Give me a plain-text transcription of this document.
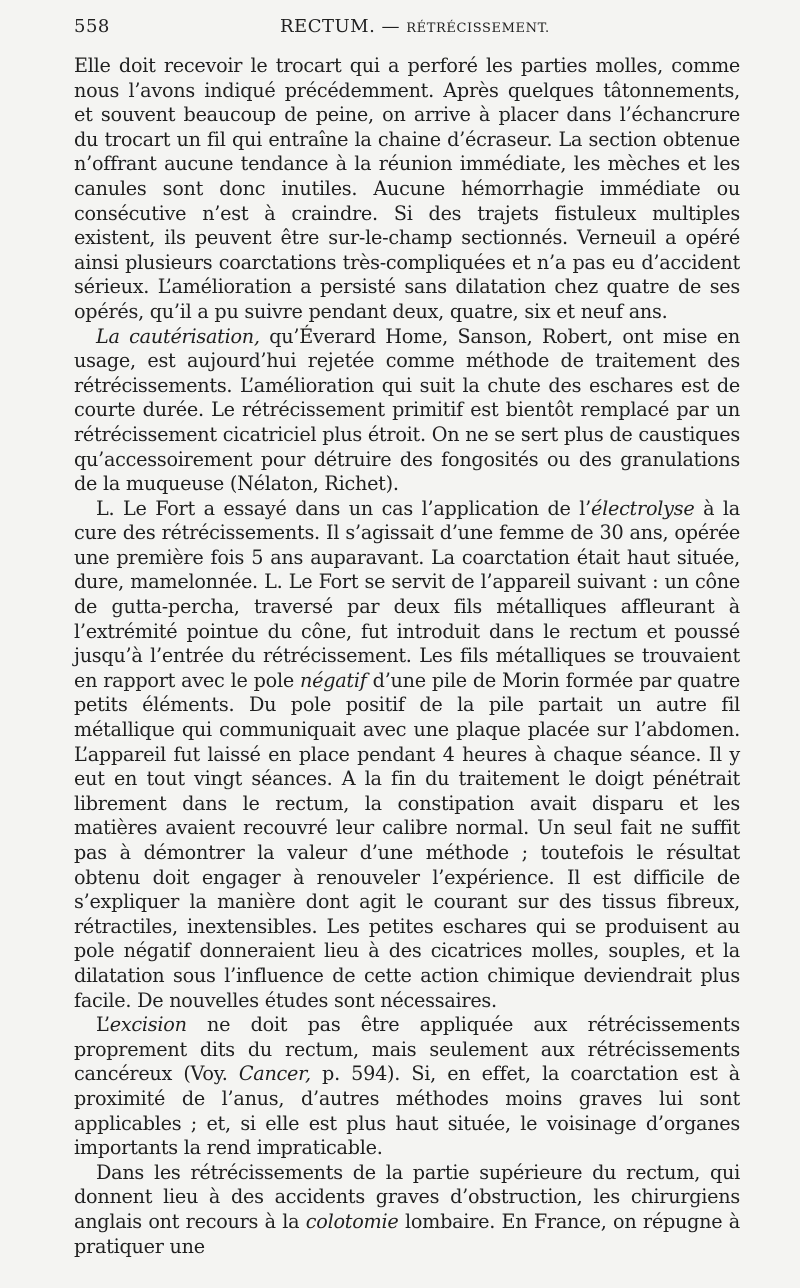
558	RECTUM. — RÉTRÉCISSEMENT.

Elle doit recevoir le trocart qui a perforé les parties molles, comme nous l’avons indiqué précédemment. Après quelques tâtonnements, et souvent beaucoup de peine, on arrive à placer dans l’échancrure du trocart un fil qui entraîne la chaine d’écraseur. La section obtenue n’offrant aucune tendance à la réunion immédiate, les mèches et les canules sont donc inutiles. Aucune hémorrhagie immédiate ou consécutive n’est à craindre. Si des trajets fistuleux multiples existent, ils peuvent être sur-le-champ sectionnés. Verneuil a opéré ainsi plusieurs coarctations très-compliquées et n’a pas eu d’accident sérieux. L’amélioration a persisté sans dilatation chez quatre de ses opérés, qu’il a pu suivre pendant deux, quatre, six et neuf ans.

La cautérisation, qu’Éverard Home, Sanson, Robert, ont mise en usage, est aujourd’hui rejetée comme méthode de traitement des rétrécissements. L’amélioration qui suit la chute des eschares est de courte durée. Le rétrécissement primitif est bientôt remplacé par un rétrécissement cicatriciel plus étroit. On ne se sert plus de caustiques qu’accessoirement pour détruire des fongosités ou des granulations de la muqueuse (Nélaton, Richet).

L. Le Fort a essayé dans un cas l’application de l’électrolyse à la cure des rétrécissements. Il s’agissait d’une femme de 30 ans, opérée une première fois 5 ans auparavant. La coarctation était haut située, dure, mamelonnée. L. Le Fort se servit de l’appareil suivant : un cône de gutta-percha, traversé par deux fils métalliques affleurant à l’extrémité pointue du cône, fut introduit dans le rectum et poussé jusqu’à l’entrée du rétrécissement. Les fils métalliques se trouvaient en rapport avec le pole négatif d’une pile de Morin formée par quatre petits éléments. Du pole positif de la pile partait un autre fil métallique qui communiquait avec une plaque placée sur l’abdomen. L’appareil fut laissé en place pendant 4 heures à chaque séance. Il y eut en tout vingt séances. A la fin du traitement le doigt pénétrait librement dans le rectum, la constipation avait disparu et les matières avaient recouvré leur calibre normal. Un seul fait ne suffit pas à démontrer la valeur d’une méthode ; toutefois le résultat obtenu doit engager à renouveler l’expérience. Il est difficile de s’expliquer la manière dont agit le courant sur des tissus fibreux, rétractiles, inextensibles. Les petites eschares qui se produisent au pole négatif donneraient lieu à des cicatrices molles, souples, et la dilatation sous l’influence de cette action chimique deviendrait plus facile. De nouvelles études sont nécessaires.

L’excision ne doit pas être appliquée aux rétrécissements proprement dits du rectum, mais seulement aux rétrécissements cancéreux (Voy. Cancer, p. 594). Si, en effet, la coarctation est à proximité de l’anus, d’autres méthodes moins graves lui sont applicables ; et, si elle est plus haut située, le voisinage d’organes importants la rend impraticable.

Dans les rétrécissements de la partie supérieure du rectum, qui donnent lieu à des accidents graves d’obstruction, les chirurgiens anglais ont recours à la colotomie lombaire. En France, on répugne à pratiquer une
